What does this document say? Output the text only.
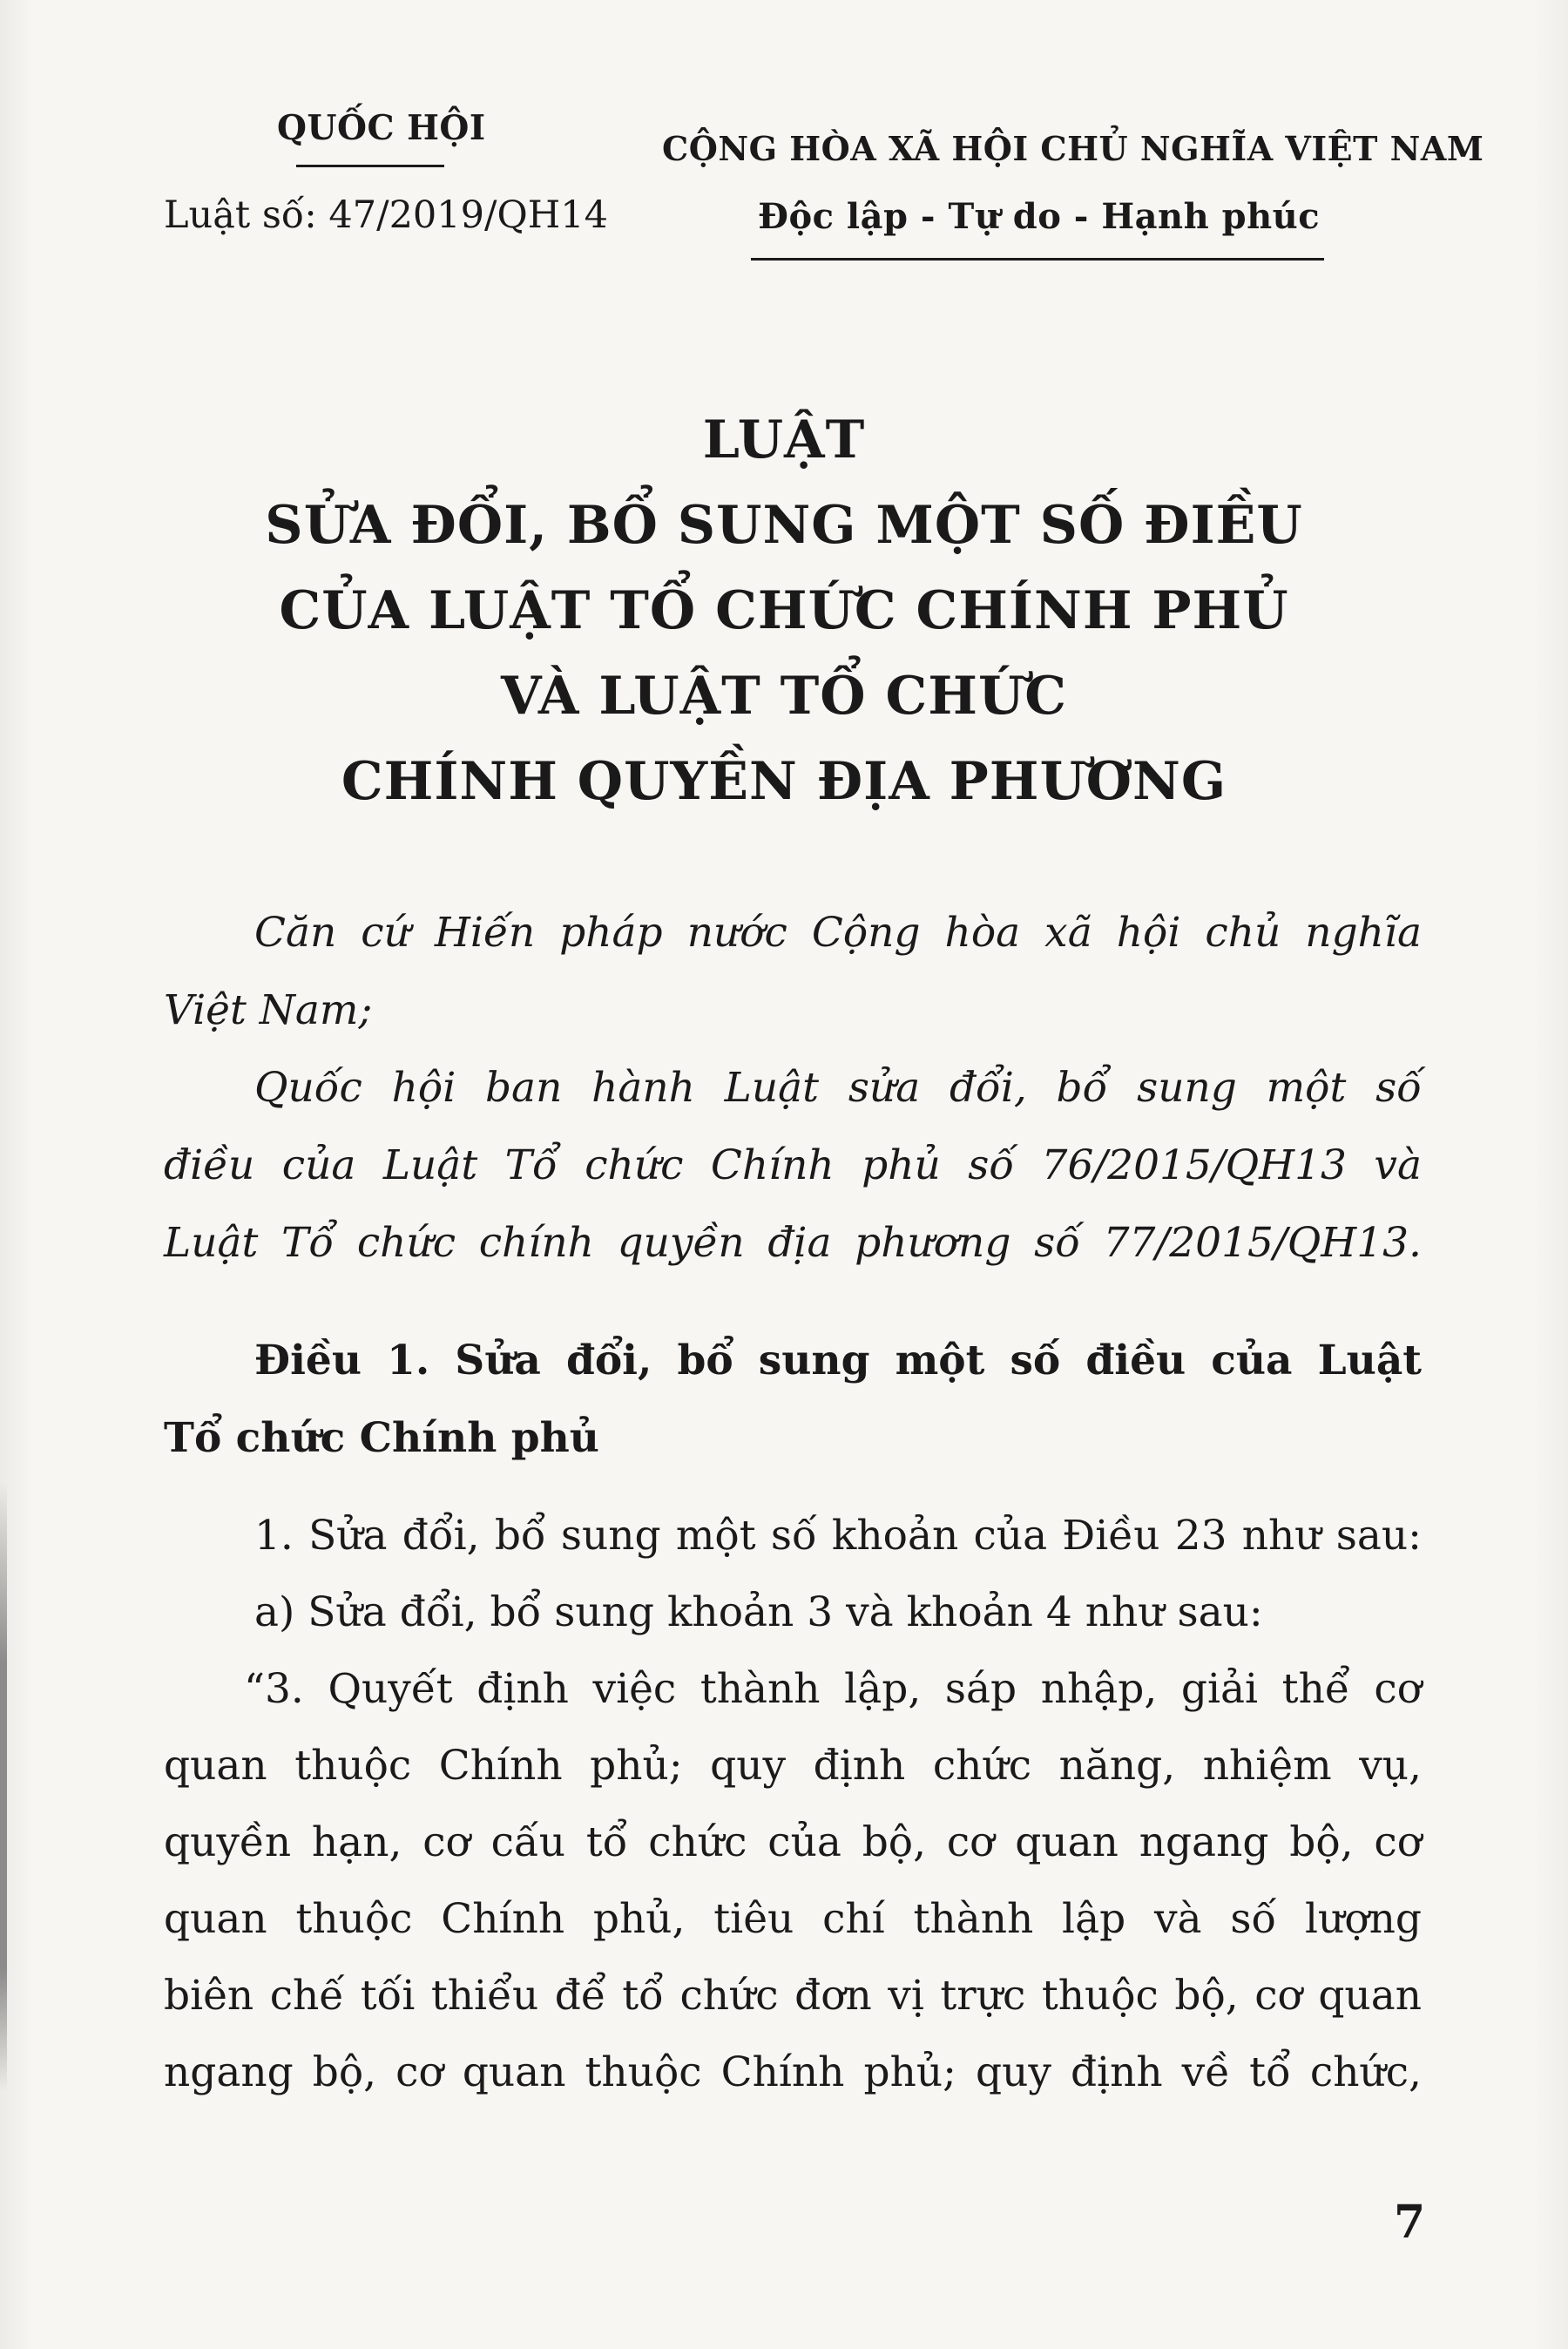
QUỐC HỘI
Luật số: 47/2019/QH14
CỘNG HÒA XÃ HỘI CHỦ NGHĨA VIỆT NAM
Độc lập - Tự do - Hạnh phúc
LUẬT
SỬA ĐỔI, BỔ SUNG MỘT SỐ ĐIỀU
CỦA LUẬT TỔ CHỨC CHÍNH PHỦ
VÀ LUẬT TỔ CHỨC
CHÍNH QUYỀN ĐỊA PHƯƠNG
Căn cứ Hiến pháp nước Cộng hòa xã hội chủ nghĩa
Việt Nam;
Quốc hội ban hành Luật sửa đổi, bổ sung một số
điều của Luật Tổ chức Chính phủ số 76/2015/QH13 và
Luật Tổ chức chính quyền địa phương số 77/2015/QH13.
Điều 1. Sửa đổi, bổ sung một số điều của Luật
Tổ chức Chính phủ
1. Sửa đổi, bổ sung một số khoản của Điều 23 như sau:
a) Sửa đổi, bổ sung khoản 3 và khoản 4 như sau:
“3. Quyết định việc thành lập, sáp nhập, giải thể cơ
quan thuộc Chính phủ; quy định chức năng, nhiệm vụ,
quyền hạn, cơ cấu tổ chức của bộ, cơ quan ngang bộ, cơ
quan thuộc Chính phủ, tiêu chí thành lập và số lượng
biên chế tối thiểu để tổ chức đơn vị trực thuộc bộ, cơ quan
ngang bộ, cơ quan thuộc Chính phủ; quy định về tổ chức,
7
